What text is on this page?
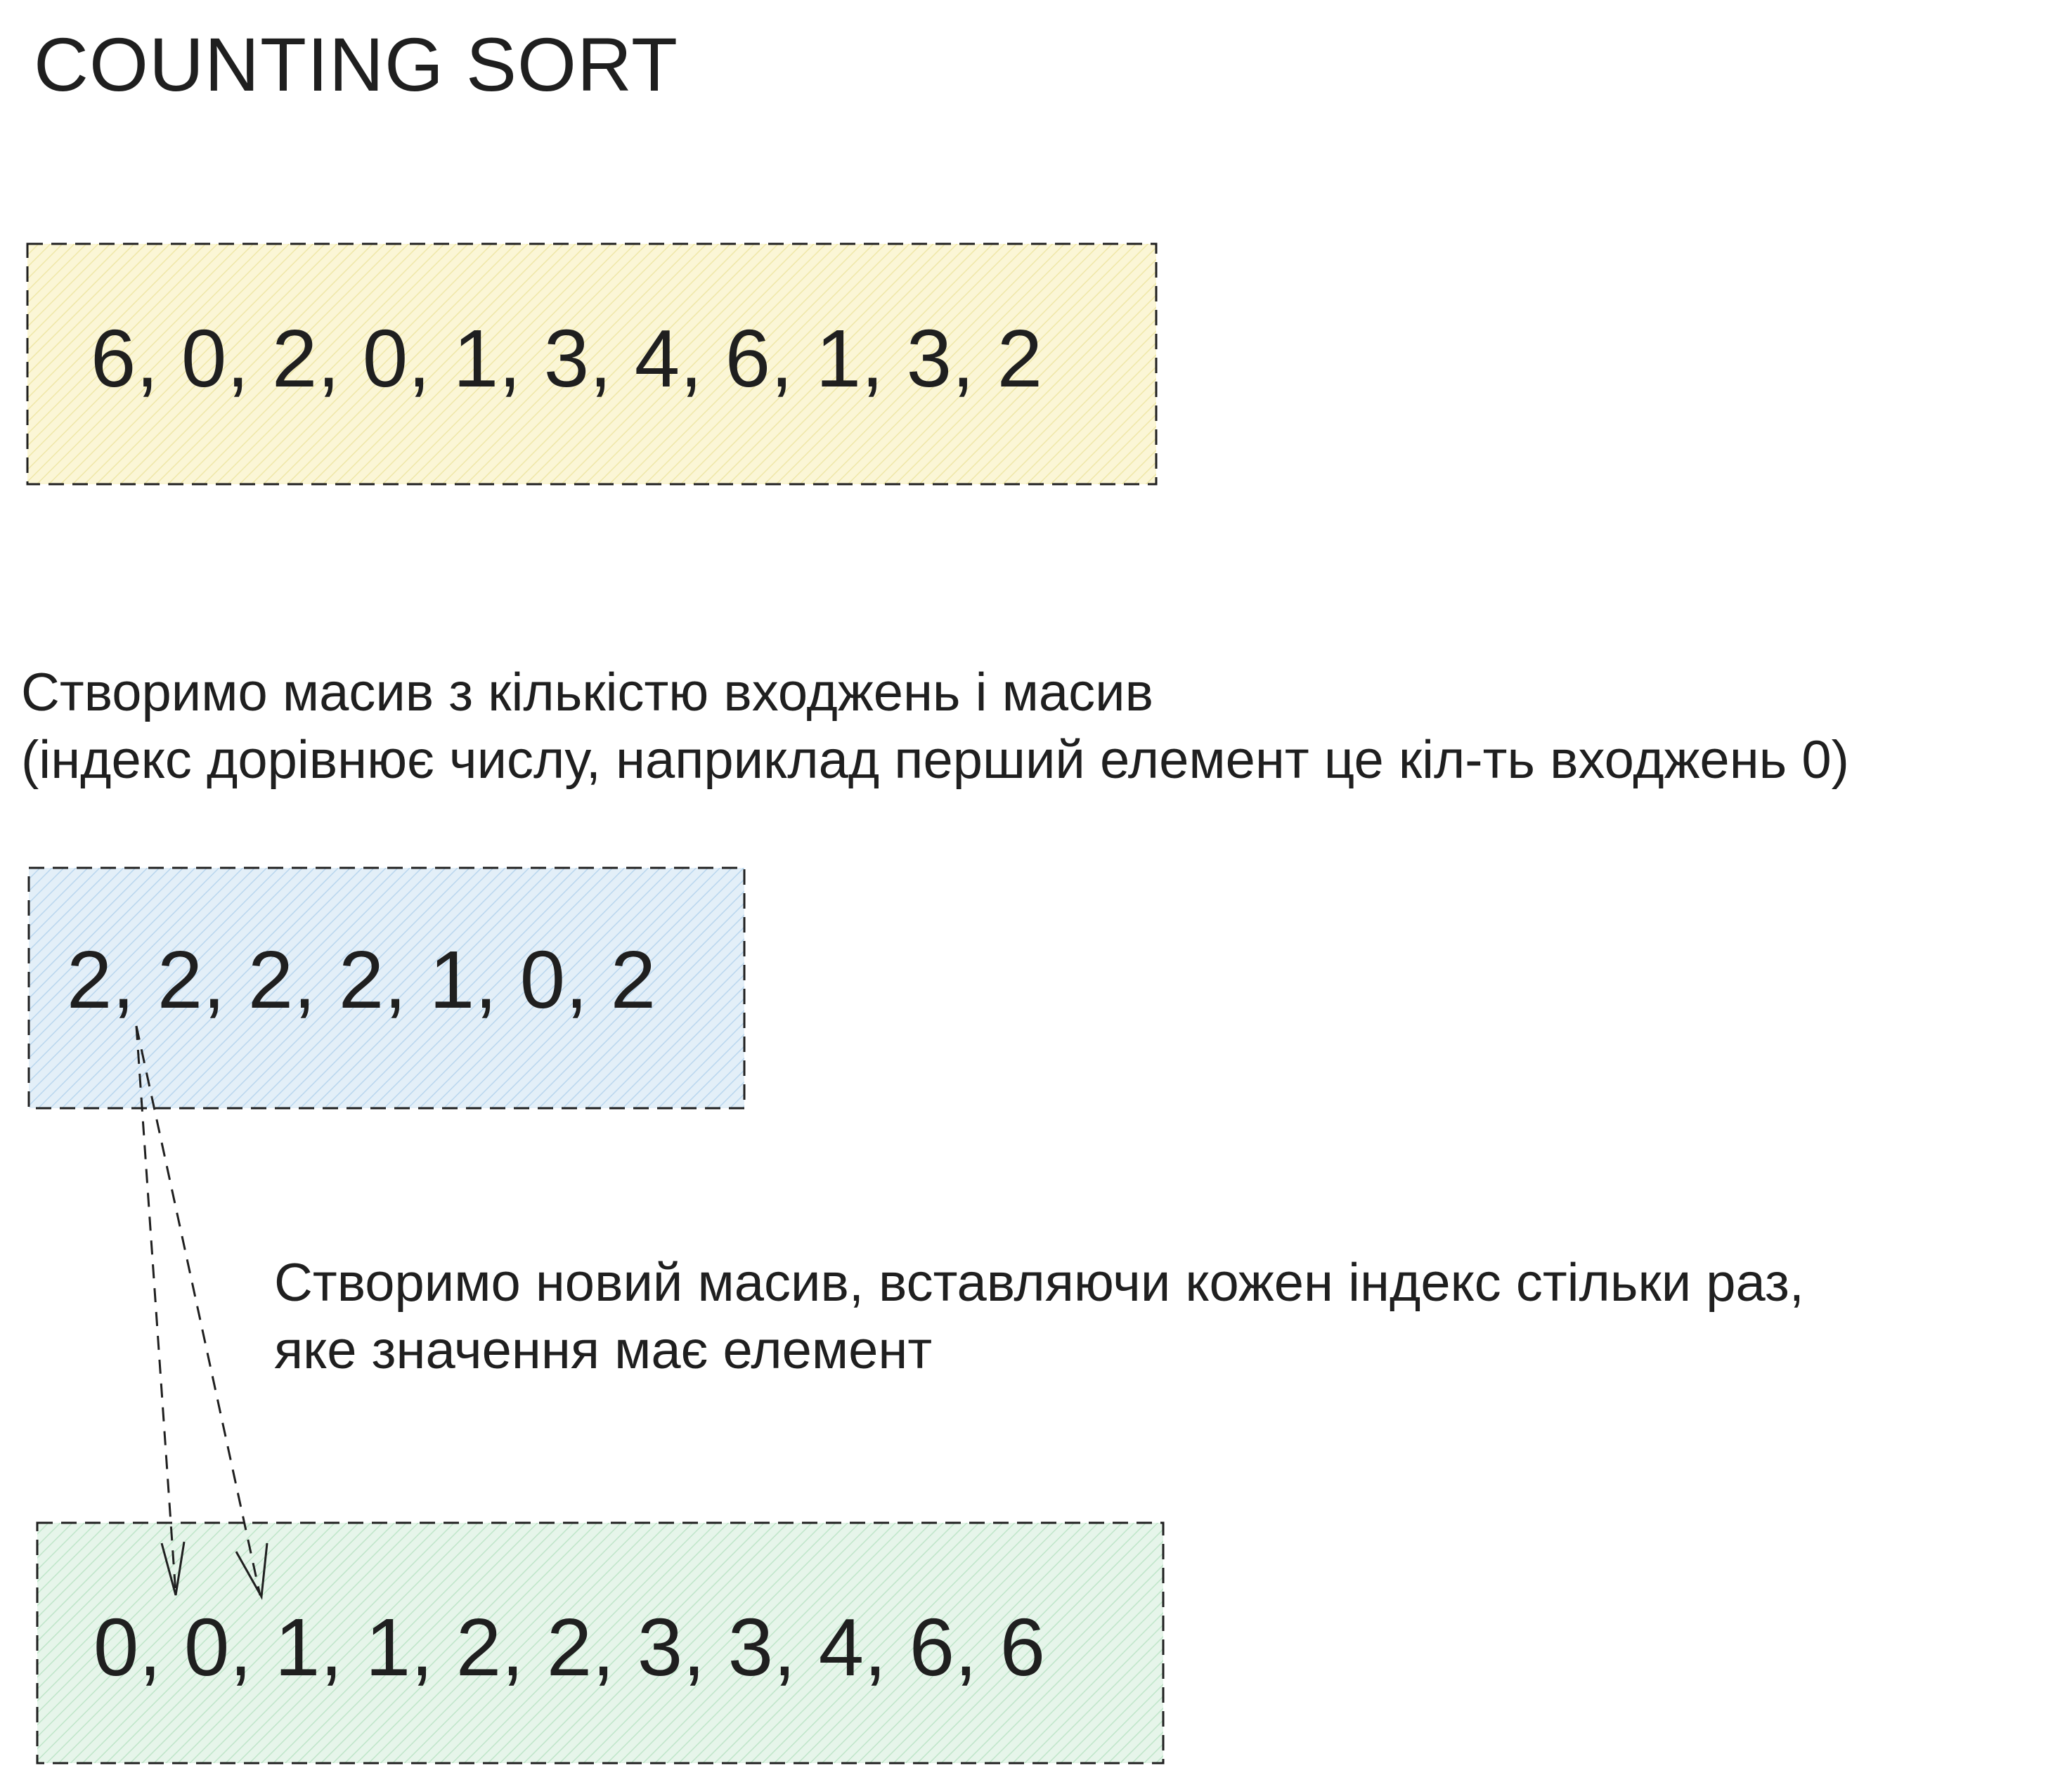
COUNTING SORT
6, 0, 2, 0, 1, 3, 4, 6, 1, 3, 2
Створимо масив з кількістю входжень і масив
(індекс дорівнює числу, наприклад перший елемент це кіл-ть входжень 0)
2, 2, 2, 2, 1, 0, 2
Створимо новий масив, вставляючи кожен індекс стільки раз,
яке значення має елемент
0, 0, 1, 1, 2, 2, 3, 3, 4, 6, 6
